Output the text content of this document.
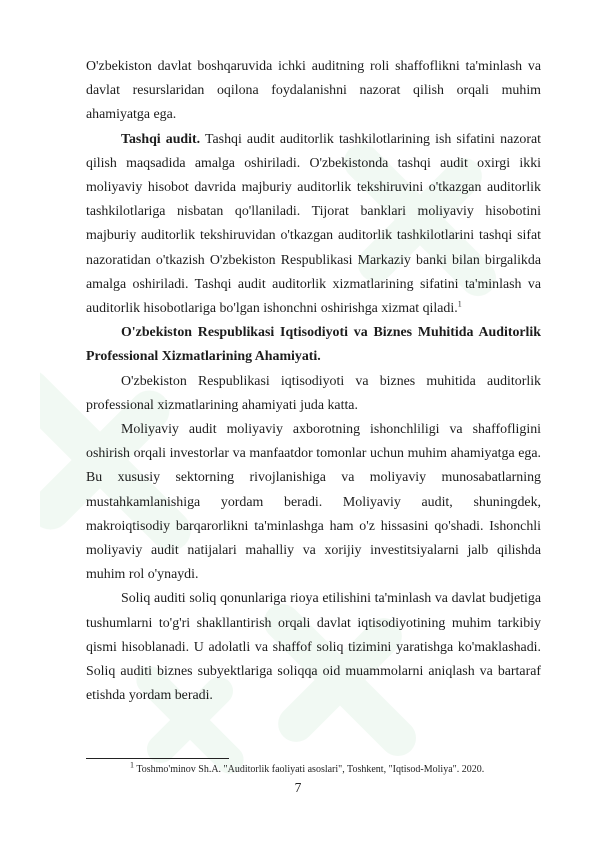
O'zbekiston davlat boshqaruvida ichki auditning roli shaffoflikni ta'minlash va davlat resurslaridan oqilona foydalanishni nazorat qilish orqali muhim ahamiyatga ega.

Tashqi audit. Tashqi audit auditorlik tashkilotlarining ish sifatini nazorat qilish maqsadida amalga oshiriladi. O'zbekistonda tashqi audit oxirgi ikki moliyaviy hisobot davrida majburiy auditorlik tekshiruvini o'tkazgan auditorlik tashkilotlariga nisbatan qo'llaniladi. Tijorat banklari moliyaviy hisobotini majburiy auditorlik tekshiruvidan o'tkazgan auditorlik tashkilotlarini tashqi sifat nazoratidan o'tkazish O'zbekiston Respublikasi Markaziy banki bilan birgalikda amalga oshiriladi. Tashqi audit auditorlik xizmatlarining sifatini ta'minlash va auditorlik hisobotlariga bo'lgan ishonchni oshirishga xizmat qiladi.$^1$

O'zbekiston Respublikasi Iqtisodiyoti va Biznes Muhitida Auditorlik Professional Xizmatlarining Ahamiyati.

O'zbekiston Respublikasi iqtisodiyoti va biznes muhitida auditorlik professional xizmatlarining ahamiyati juda katta.

Moliyaviy audit moliyaviy axborotning ishonchliligi va shaffofligini oshirish orqali investorlar va manfaatdor tomonlar uchun muhim ahamiyatga ega. Bu xususiy sektorning rivojlanishiga va moliyaviy munosabatlarning mustahkamlanishiga yordam beradi. Moliyaviy audit, shuningdek, makroiqtisodiy barqarorlikni ta'minlashga ham o'z hissasini qo'shadi. Ishonchli moliyaviy audit natijalari mahalliy va xorijiy investitsiyalarni jalb qilishda muhim rol o'ynaydi.

Soliq auditi soliq qonunlariga rioya etilishini ta'minlash va davlat budjetiga tushumlarni to'g'ri shakllantirish orqali davlat iqtisodiyotining muhim tarkibiy qismi hisoblanadi. U adolatli va shaffof soliq tizimini yaratishga ko'maklashadi. Soliq auditi biznes subyektlariga soliqqa oid muammolarni aniqlash va bartaraf etishda yordam beradi.

$^1$ Toshmo'minov Sh.A. "Auditorlik faoliyati asoslari", Toshkent, "Iqtisod-Moliya". 2020.
7
